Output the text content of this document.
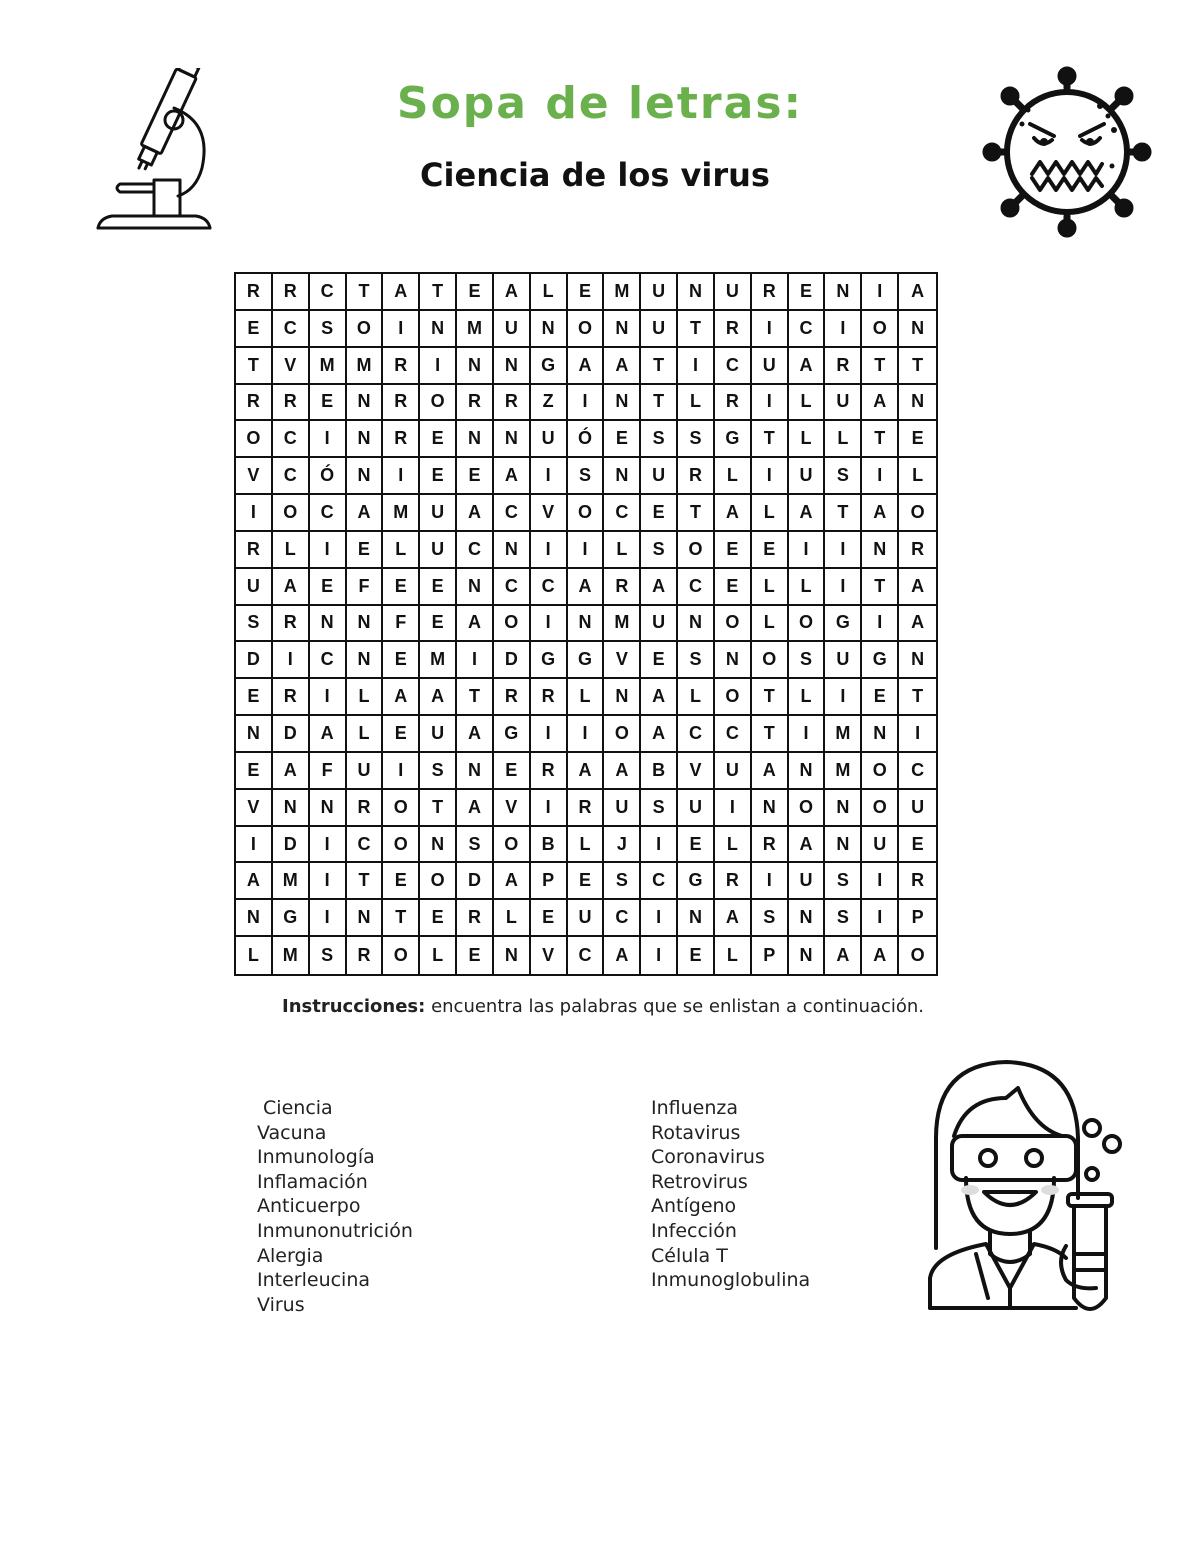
Sopa de letras:
Ciencia de los virus
R	R	C	T	A	T	E	A	L	E	M	U	N	U	R	E	N	I	A
E	C	S	O	I	N	M	U	N	O	N	U	T	R	I	C	I	O	N
T	V	M	M	R	I	N	N	G	A	A	T	I	C	U	A	R	T	T
R	R	E	N	R	O	R	R	Z	I	N	T	L	R	I	L	U	A	N
O	C	I	N	R	E	N	N	U	Ó	E	S	S	G	T	L	L	T	E
V	C	Ó	N	I	E	E	A	I	S	N	U	R	L	I	U	S	I	L
I	O	C	A	M	U	A	C	V	O	C	E	T	A	L	A	T	A	O
R	L	I	E	L	U	C	N	I	I	L	S	O	E	E	I	I	N	R
U	A	E	F	E	E	N	C	C	A	R	A	C	E	L	L	I	T	A
S	R	N	N	F	E	A	O	I	N	M	U	N	O	L	O	G	I	A
D	I	C	N	E	M	I	D	G	G	V	E	S	N	O	S	U	G	N
E	R	I	L	A	A	T	R	R	L	N	A	L	O	T	L	I	E	T
N	D	A	L	E	U	A	G	I	I	O	A	C	C	T	I	M	N	I
E	A	F	U	I	S	N	E	R	A	A	B	V	U	A	N	M	O	C
V	N	N	R	O	T	A	V	I	R	U	S	U	I	N	O	N	O	U
I	D	I	C	O	N	S	O	B	L	J	I	E	L	R	A	N	U	E
A	M	I	T	E	O	D	A	P	E	S	C	G	R	I	U	S	I	R
N	G	I	N	T	E	R	L	E	U	C	I	N	A	S	N	S	I	P
L	M	S	R	O	L	E	N	V	C	A	I	E	L	P	N	A	A	O
Instrucciones: encuentra las palabras que se enlistan a continuación.
Ciencia
Vacuna
Inmunología
Inflamación
Anticuerpo
Inmunonutrición
Alergia
Interleucina
Virus
Influenza
Rotavirus
Coronavirus
Retrovirus
Antígeno
Infección
Célula T
Inmunoglobulina
